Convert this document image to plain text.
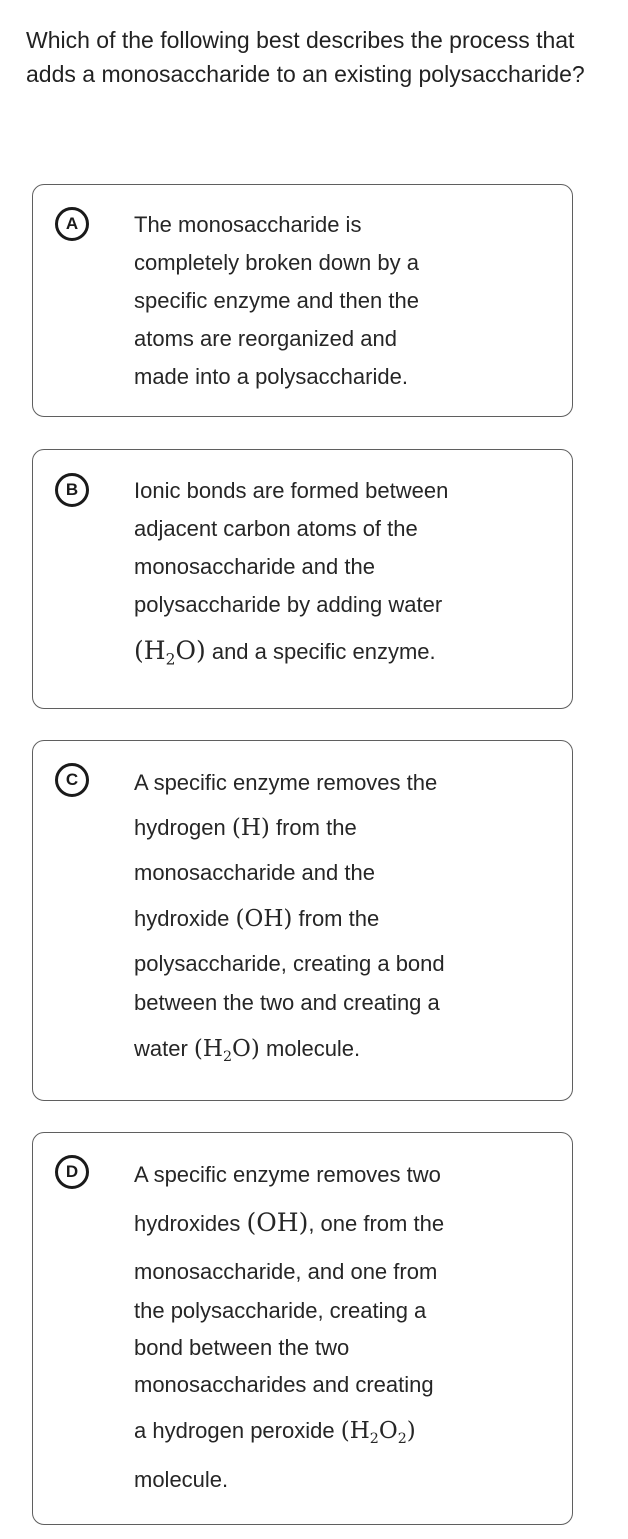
Which of the following best describes the process that adds a monosaccharide to an existing polysaccharide?
A	The monosaccharide is
completely broken down by a
specific enzyme and then the
atoms are reorganized and
made into a polysaccharide.
B	Ionic bonds are formed between
adjacent carbon atoms of the
monosaccharide and the
polysaccharide by adding water
$(H_2O)$ and a specific enzyme.
C	A specific enzyme removes the
hydrogen (H) from the
monosaccharide and the
hydroxide (OH) from the
polysaccharide, creating a bond
between the two and creating a
water $(H_2O)$ molecule.
D	A specific enzyme removes two
hydroxides (OH), one from the
monosaccharide, and one from
the polysaccharide, creating a
bond between the two
monosaccharides and creating
a hydrogen peroxide $(H_2O_2)$
molecule.
